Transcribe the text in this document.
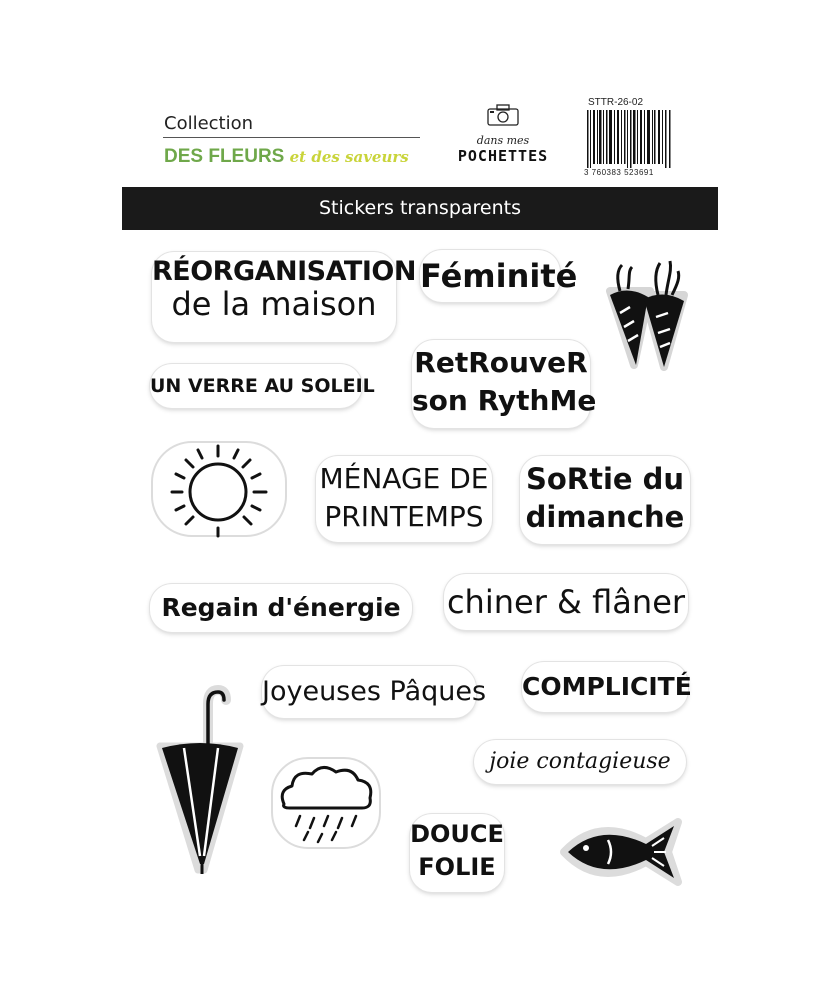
Collection
DES FLEURS et des saveurs
dans mes
POCHETTES
STTR-26-02
3 760383 523691
Stickers transparents
RÉORGANISATION
de la maison
Féminité
UN VERRE AU SOLEIL
RetRouveR
son RythMe
MÉNAGE DE
PRINTEMPS
SoRtie du
dimanche
Regain d'énergie	chiner & flâner
Joyeuses Pâques COMPLICITÉ
joie contagieuse
DOUCE
FOLIE
